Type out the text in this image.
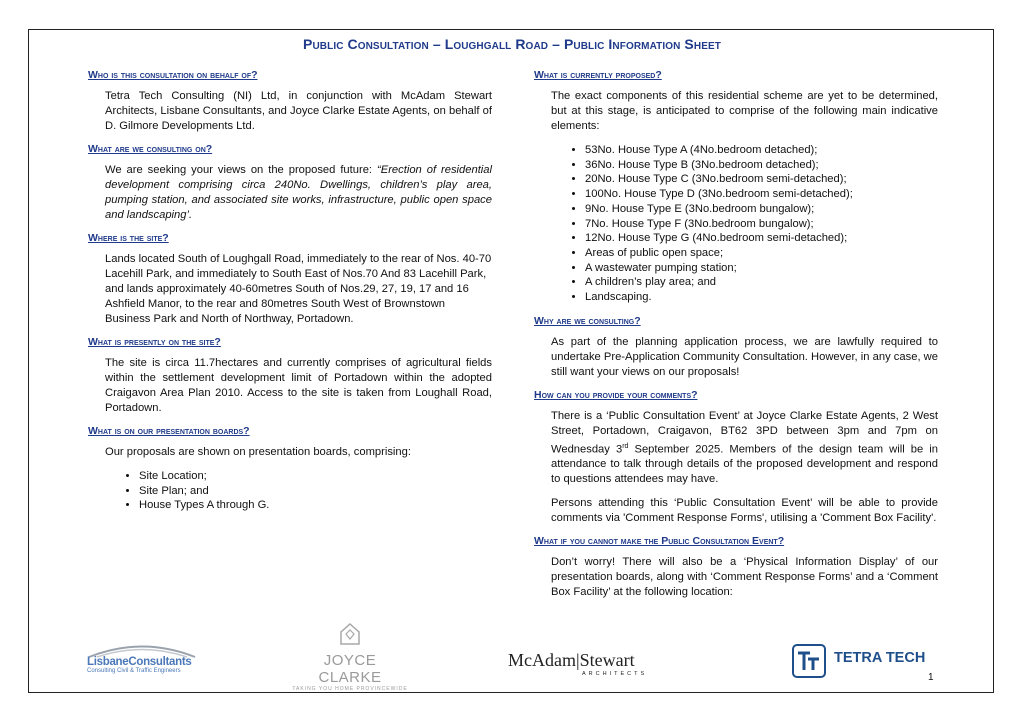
Public Consultation – Loughgall Road – Public Information Sheet
Who is this consultation on behalf of?
Tetra Tech Consulting (NI) Ltd, in conjunction with McAdam Stewart Architects, Lisbane Consultants, and Joyce Clarke Estate Agents, on behalf of D. Gilmore Developments Ltd.
What are we consulting on?
We are seeking your views on the proposed future: “Erection of residential development comprising circa 240No. Dwellings, children’s play area, pumping station, and associated site works, infrastructure, public open space and landscaping’.
Where is the site?
Lands located South of Loughgall Road, immediately to the rear of Nos. 40-70 Lacehill Park, and immediately to South East of Nos.70 And 83 Lacehill Park, and lands approximately 40-60metres South of Nos.29, 27, 19, 17 and 16 Ashfield Manor, to the rear and 80metres South West of Brownstown Business Park and North of Northway, Portadown.
What is presently on the site?
The site is circa 11.7hectares and currently comprises of agricultural fields within the settlement development limit of Portadown within the adopted Craigavon Area Plan 2010. Access to the site is taken from Loughall Road, Portadown.
What is on our presentation boards?
Our proposals are shown on presentation boards, comprising:
• Site Location;
• Site Plan; and
• House Types A through G.
What is currently proposed?
The exact components of this residential scheme are yet to be determined, but at this stage, is anticipated to comprise of the following main indicative elements:
• 53No. House Type A (4No.bedroom detached);
• 36No. House Type B (3No.bedroom detached);
• 20No. House Type C (3No.bedroom semi-detached);
• 100No. House Type D (3No.bedroom semi-detached);
• 9No. House Type E (3No.bedroom bungalow);
• 7No. House Type F (3No.bedroom bungalow);
• 12No. House Type G (4No.bedroom semi-detached);
• Areas of public open space;
• A wastewater pumping station;
• A children’s play area; and
• Landscaping.
Why are we consulting?
As part of the planning application process, we are lawfully required to undertake Pre-Application Community Consultation. However, in any case, we still want your views on our proposals!
How can you provide your comments?
There is a ‘Public Consultation Event’ at Joyce Clarke Estate Agents, 2 West Street, Portadown, Craigavon, BT62 3PD between 3pm and 7pm on Wednesday 3rd September 2025. Members of the design team will be in attendance to talk through details of the proposed development and respond to questions attendees may have.
Persons attending this ‘Public Consultation Event’ will be able to provide comments via 'Comment Response Forms', utilising a 'Comment Box Facility'.
What if you cannot make the Public Consultation Event?
Don’t worry! There will also be a ‘Physical Information Display’ of our presentation boards, along with ‘Comment Response Forms’ and a ‘Comment Box Facility’ at the following location:
LisbaneConsultants
Consulting Civil & Traffic Engineers
JOYCE CLARKE
TAKING YOU HOME PROVINCEWIDE
McAdam|Stewart
ARCHITECTS
TETRA TECH
1
